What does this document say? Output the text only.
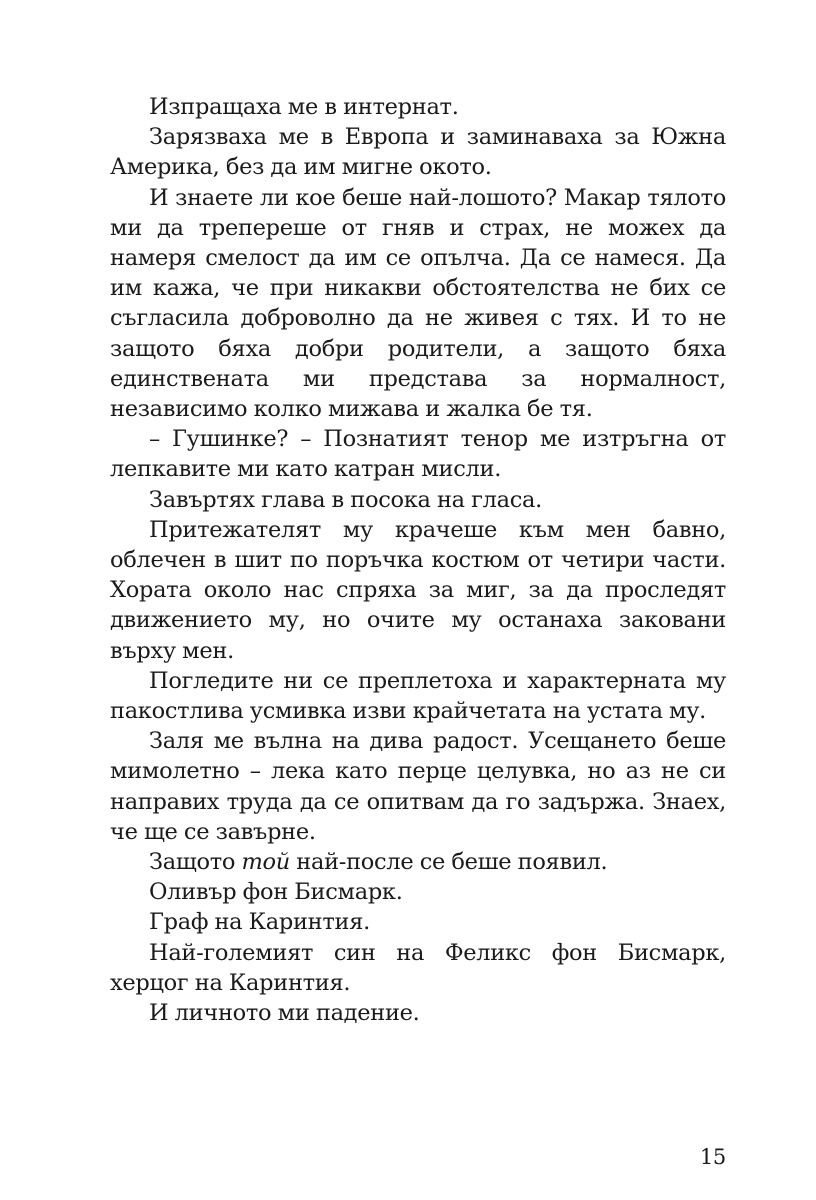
Изпращаха ме в интернат.

Зарязваха ме в Европа и заминаваха за Южна Америка, без да им мигне окото.

И знаете ли кое беше най-лошото? Макар тялото ми да трепереше от гняв и страх, не можех да намеря смелост да им се опълча. Да се намеся. Да им кажа, че при никакви обстоятелства не бих се съгласила доброволно да не живея с тях. И то не защото бяха добри родители, а защото бяха единствената ми представа за нормалност, независимо колко мижава и жалка бе тя.

– Гушинке? – Познатият тенор ме изтръгна от лепкавите ми като катран мисли.

Завъртях глава в посока на гласа.

Притежателят му крачеше към мен бавно, облечен в шит по поръчка костюм от четири части. Хората около нас спряха за миг, за да проследят движението му, но очите му останаха заковани върху мен.

Погледите ни се преплетоха и характерната му пакостлива усмивка изви крайчетата на устата му.

Заля ме вълна на дива радост. Усещането беше мимолетно – лека като перце целувка, но аз не си направих труда да се опитвам да го задържа. Знаех, че ще се завърне.

Защото той най-после се беше появил.

Оливър фон Бисмарк.

Граф на Каринтия.

Най-големият син на Феликс фон Бисмарк, херцог на Каринтия.

И личното ми падение.

15
